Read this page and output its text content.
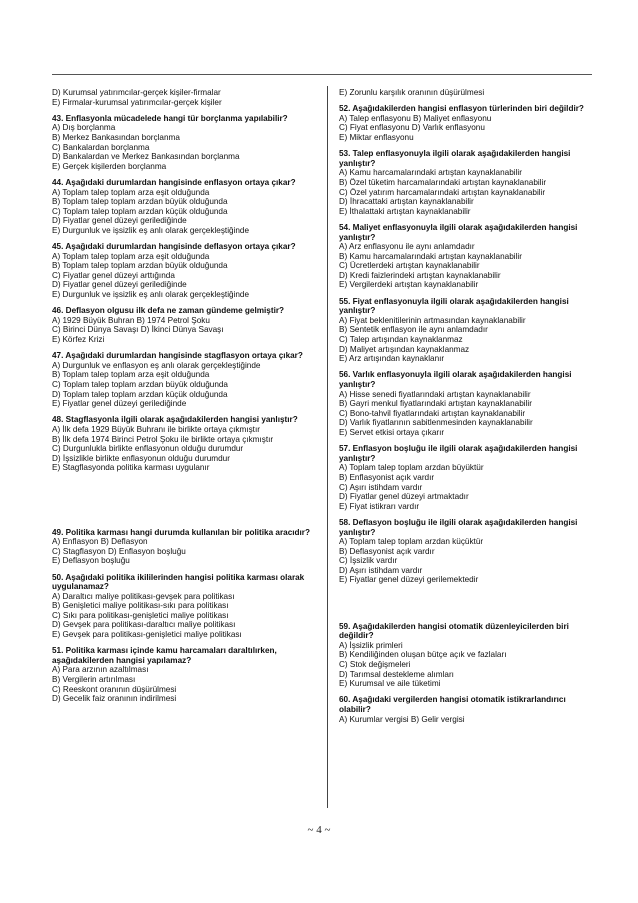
D) Kurumsal yatırımcılar-gerçek kişiler-firmalar
E) Firmalar-kurumsal yatırımcılar-gerçek kişiler
43. Enflasyonla mücadelede hangi tür borçlanma yapılabilir?
A) Dış borçlanma
B) Merkez Bankasından borçlanma
C) Bankalardan borçlanma
D) Bankalardan ve Merkez Bankasından borçlanma
E) Gerçek kişilerden borçlanma
44. Aşağıdaki durumlardan hangisinde enflasyon ortaya çıkar?
A) Toplam talep toplam arza eşit olduğunda
B) Toplam talep toplam arzdan büyük olduğunda
C) Toplam talep toplam arzdan küçük olduğunda
D) Fiyatlar genel düzeyi gerilediğinde
E) Durgunluk ve işsizlik eş anlı olarak gerçekleştiğinde
45. Aşağıdaki durumlardan hangisinde deflasyon ortaya çıkar?
A) Toplam talep toplam arza eşit olduğunda
B) Toplam talep toplam arzdan büyük olduğunda
C) Fiyatlar genel düzeyi arttığında
D) Fiyatlar genel düzeyi gerilediğinde
E) Durgunluk ve işsizlik eş anlı olarak gerçekleştiğinde
46. Deflasyon olgusu ilk defa ne zaman gündeme gelmiştir?
A) 1929 Büyük Buhran B) 1974 Petrol Şoku
C) Birinci Dünya Savaşı D) İkinci Dünya Savaşı
E) Körfez Krizi
47. Aşağıdaki durumlardan hangisinde stagflasyon ortaya çıkar?
A) Durgunluk ve enflasyon eş anlı olarak gerçekleştiğinde
B) Toplam talep toplam arza eşit olduğunda
C) Toplam talep toplam arzdan büyük olduğunda
D) Toplam talep toplam arzdan küçük olduğunda
E) Fiyatlar genel düzeyi gerilediğinde
48. Stagflasyonla ilgili olarak aşağıdakilerden hangisi yanlıştır?
A) İlk defa 1929 Büyük Buhranı ile birlikte ortaya çıkmıştır
B) İlk defa 1974 Birinci Petrol Şoku ile birlikte ortaya çıkmıştır
C) Durgunlukla birlikte enflasyonun olduğu durumdur
D) İşsizlikle birlikte enflasyonun olduğu durumdur
E) Stagflasyonda politika karması uygulanır
49. Politika karması hangi durumda kullanılan bir politika aracıdır?
A) Enflasyon B) Deflasyon
C) Stagflasyon D) Enflasyon boşluğu
E) Deflasyon boşluğu
50. Aşağıdaki politika ikililerinden hangisi politika karması olarak uygulanamaz?
A) Daraltıcı maliye politikası-gevşek para politikası
B) Genişletici maliye politikası-sıkı para politikası
C) Sıkı para politikası-genişletici maliye politikası
D) Gevşek para politikası-daraltıcı maliye politikası
E) Gevşek para politikası-genişletici maliye politikası
51. Politika karması içinde kamu harcamaları daraltılırken, aşağıdakilerden hangisi yapılamaz?
A) Para arzının azaltılması
B) Vergilerin artırılması
C) Reeskont oranının düşürülmesi
D) Gecelik faiz oranının indirilmesi
E) Zorunlu karşılık oranının düşürülmesi
52. Aşağıdakilerden hangisi enflasyon türlerinden biri değildir?
A) Talep enflasyonu B) Maliyet enflasyonu
C) Fiyat enflasyonu D) Varlık enflasyonu
E) Miktar enflasyonu
53. Talep enflasyonuyla ilgili olarak aşağıdakilerden hangisi yanlıştır?
A) Kamu harcamalarındaki artıştan kaynaklanabilir
B) Özel tüketim harcamalarındaki artıştan kaynaklanabilir
C) Özel yatırım harcamalarındaki artıştan kaynaklanabilir
D) İhracattaki artıştan kaynaklanabilir
E) İthalattaki artıştan kaynaklanabilir
54. Maliyet enflasyonuyla ilgili olarak aşağıdakilerden hangisi yanlıştır?
A) Arz enflasyonu ile aynı anlamdadır
B) Kamu harcamalarındaki artıştan kaynaklanabilir
C) Ücretlerdeki artıştan kaynaklanabilir
D) Kredi faizlerindeki artıştan kaynaklanabilir
E) Vergilerdeki artıştan kaynaklanabilir
55. Fiyat enflasyonuyla ilgili olarak aşağıdakilerden hangisi yanlıştır?
A) Fiyat beklenitilerinin artmasından kaynaklanabilir
B) Sentetik enflasyon ile aynı anlamdadır
C) Talep artışından kaynaklanmaz
D) Maliyet artışından kaynaklanmaz
E) Arz artışından kaynaklanır
56. Varlık enflasyonuyla ilgili olarak aşağıdakilerden hangisi yanlıştır?
A) Hisse senedi fiyatlarındaki artıştan kaynaklanabilir
B) Gayri menkul fiyatlarındaki artıştan kaynaklanabilir
C) Bono-tahvil fiyatlarındaki artıştan kaynaklanabilir
D) Varlık fiyatlarının sabitlenmesinden kaynaklanabilir
E) Servet etkisi ortaya çıkarır
57. Enflasyon boşluğu ile ilgili olarak aşağıdakilerden hangisi yanlıştır?
A) Toplam talep toplam arzdan büyüktür
B) Enflasyonist açık vardır
C) Aşırı istihdam vardır
D) Fiyatlar genel düzeyi artmaktadır
E) Fiyat istikrarı vardır
58. Deflasyon boşluğu ile ilgili olarak aşağıdakilerden hangisi yanlıştır?
A) Toplam talep toplam arzdan küçüktür
B) Deflasyonist açık vardır
C) İşsizlik vardır
D) Aşırı istihdam vardır
E) Fiyatlar genel düzeyi gerilemektedir
59. Aşağıdakilerden hangisi otomatik düzenleyicilerden biri değildir?
A) İşsizlik primleri
B) Kendiliğinden oluşan bütçe açık ve fazlaları
C) Stok değişmeleri
D) Tarımsal destekleme alımları
E) Kurumsal ve aile tüketimi
60. Aşağıdaki vergilerden hangisi otomatik istikrarlandırıcı olabilir?
A) Kurumlar vergisi B) Gelir vergisi
~ 4 ~
